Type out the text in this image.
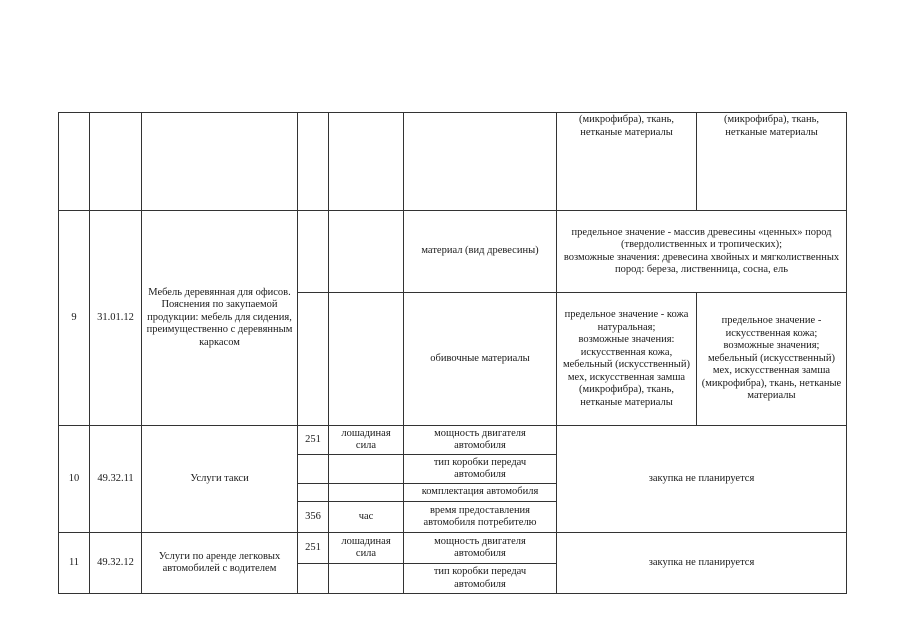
						(микрофибра), ткань,
нетканые материалы	(микрофибра), ткань,
нетканые материалы
9	31.01.12	Мебель деревянная для офисов.
Пояснения по закупаемой продукции: мебель для сидения, преимущественно с деревянным каркасом			материал (вид древесины)	предельное значение - массив древесины «ценных» пород (твердолиственных и тропических);
возможные значения: древесина хвойных и мягколиственных пород: береза, лиственница, сосна, ель	
					обивочные материалы	предельное значение - кожа натуральная;
возможные значения: искусственная кожа, мебельный (искусственный) мех, искусственная замша (микрофибра), ткань, нетканые материалы	предельное значение - искусственная кожа;
возможные значения; мебельный (искусственный) мех, искусственная замша (микрофибра), ткань, нетканые материалы
10	49.32.11	Услуги такси	251	лошадиная сила	мощность двигателя автомобиля	закупка не планируется	
					тип коробки передач автомобиля		
					комплектация автомобиля		
			356	час	время предоставления автомобиля потребителю		
11	49.32.12	Услуги по аренде легковых автомобилей с водителем	251	лошадиная сила	мощность двигателя автомобиля	закупка не планируется	
					тип коробки передач автомобиля		
